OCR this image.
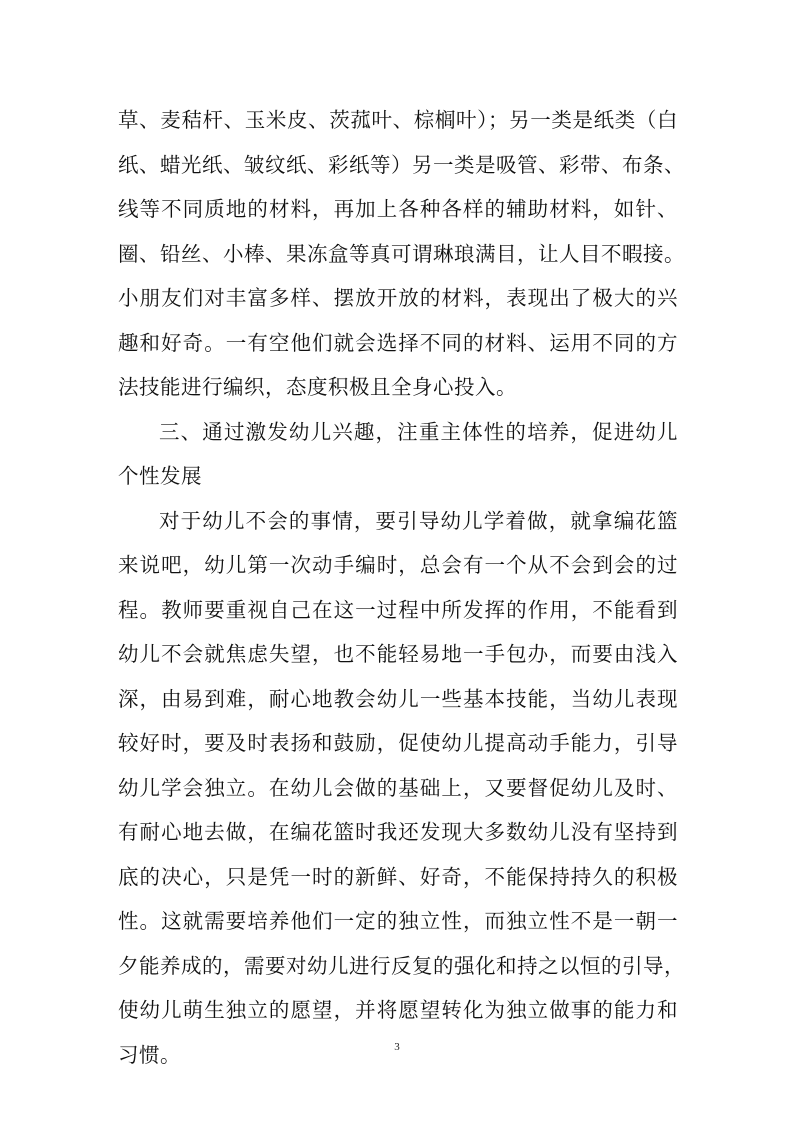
草、麦秸杆、玉米皮、茨菰叶、棕榈叶）；另一类是纸类（白
纸、蜡光纸、皱纹纸、彩纸等）另一类是吸管、彩带、布条、
线等不同质地的材料，再加上各种各样的辅助材料，如针、
圈、铅丝、小棒、果冻盒等真可谓琳琅满目，让人目不暇接。
小朋友们对丰富多样、摆放开放的材料，表现出了极大的兴
趣和好奇。一有空他们就会选择不同的材料、运用不同的方
法技能进行编织，态度积极且全身心投入。
三、通过激发幼儿兴趣，注重主体性的培养，促进幼儿
个性发展
对于幼儿不会的事情，要引导幼儿学着做，就拿编花篮
来说吧，幼儿第一次动手编时，总会有一个从不会到会的过
程。教师要重视自己在这一过程中所发挥的作用，不能看到
幼儿不会就焦虑失望，也不能轻易地一手包办，而要由浅入
深，由易到难，耐心地教会幼儿一些基本技能，当幼儿表现
较好时，要及时表扬和鼓励，促使幼儿提高动手能力，引导
幼儿学会独立。在幼儿会做的基础上，又要督促幼儿及时、
有耐心地去做，在编花篮时我还发现大多数幼儿没有坚持到
底的决心，只是凭一时的新鲜、好奇，不能保持持久的积极
性。这就需要培养他们一定的独立性，而独立性不是一朝一
夕能养成的，需要对幼儿进行反复的强化和持之以恒的引导，
使幼儿萌生独立的愿望，并将愿望转化为独立做事的能力和
习惯。	3
